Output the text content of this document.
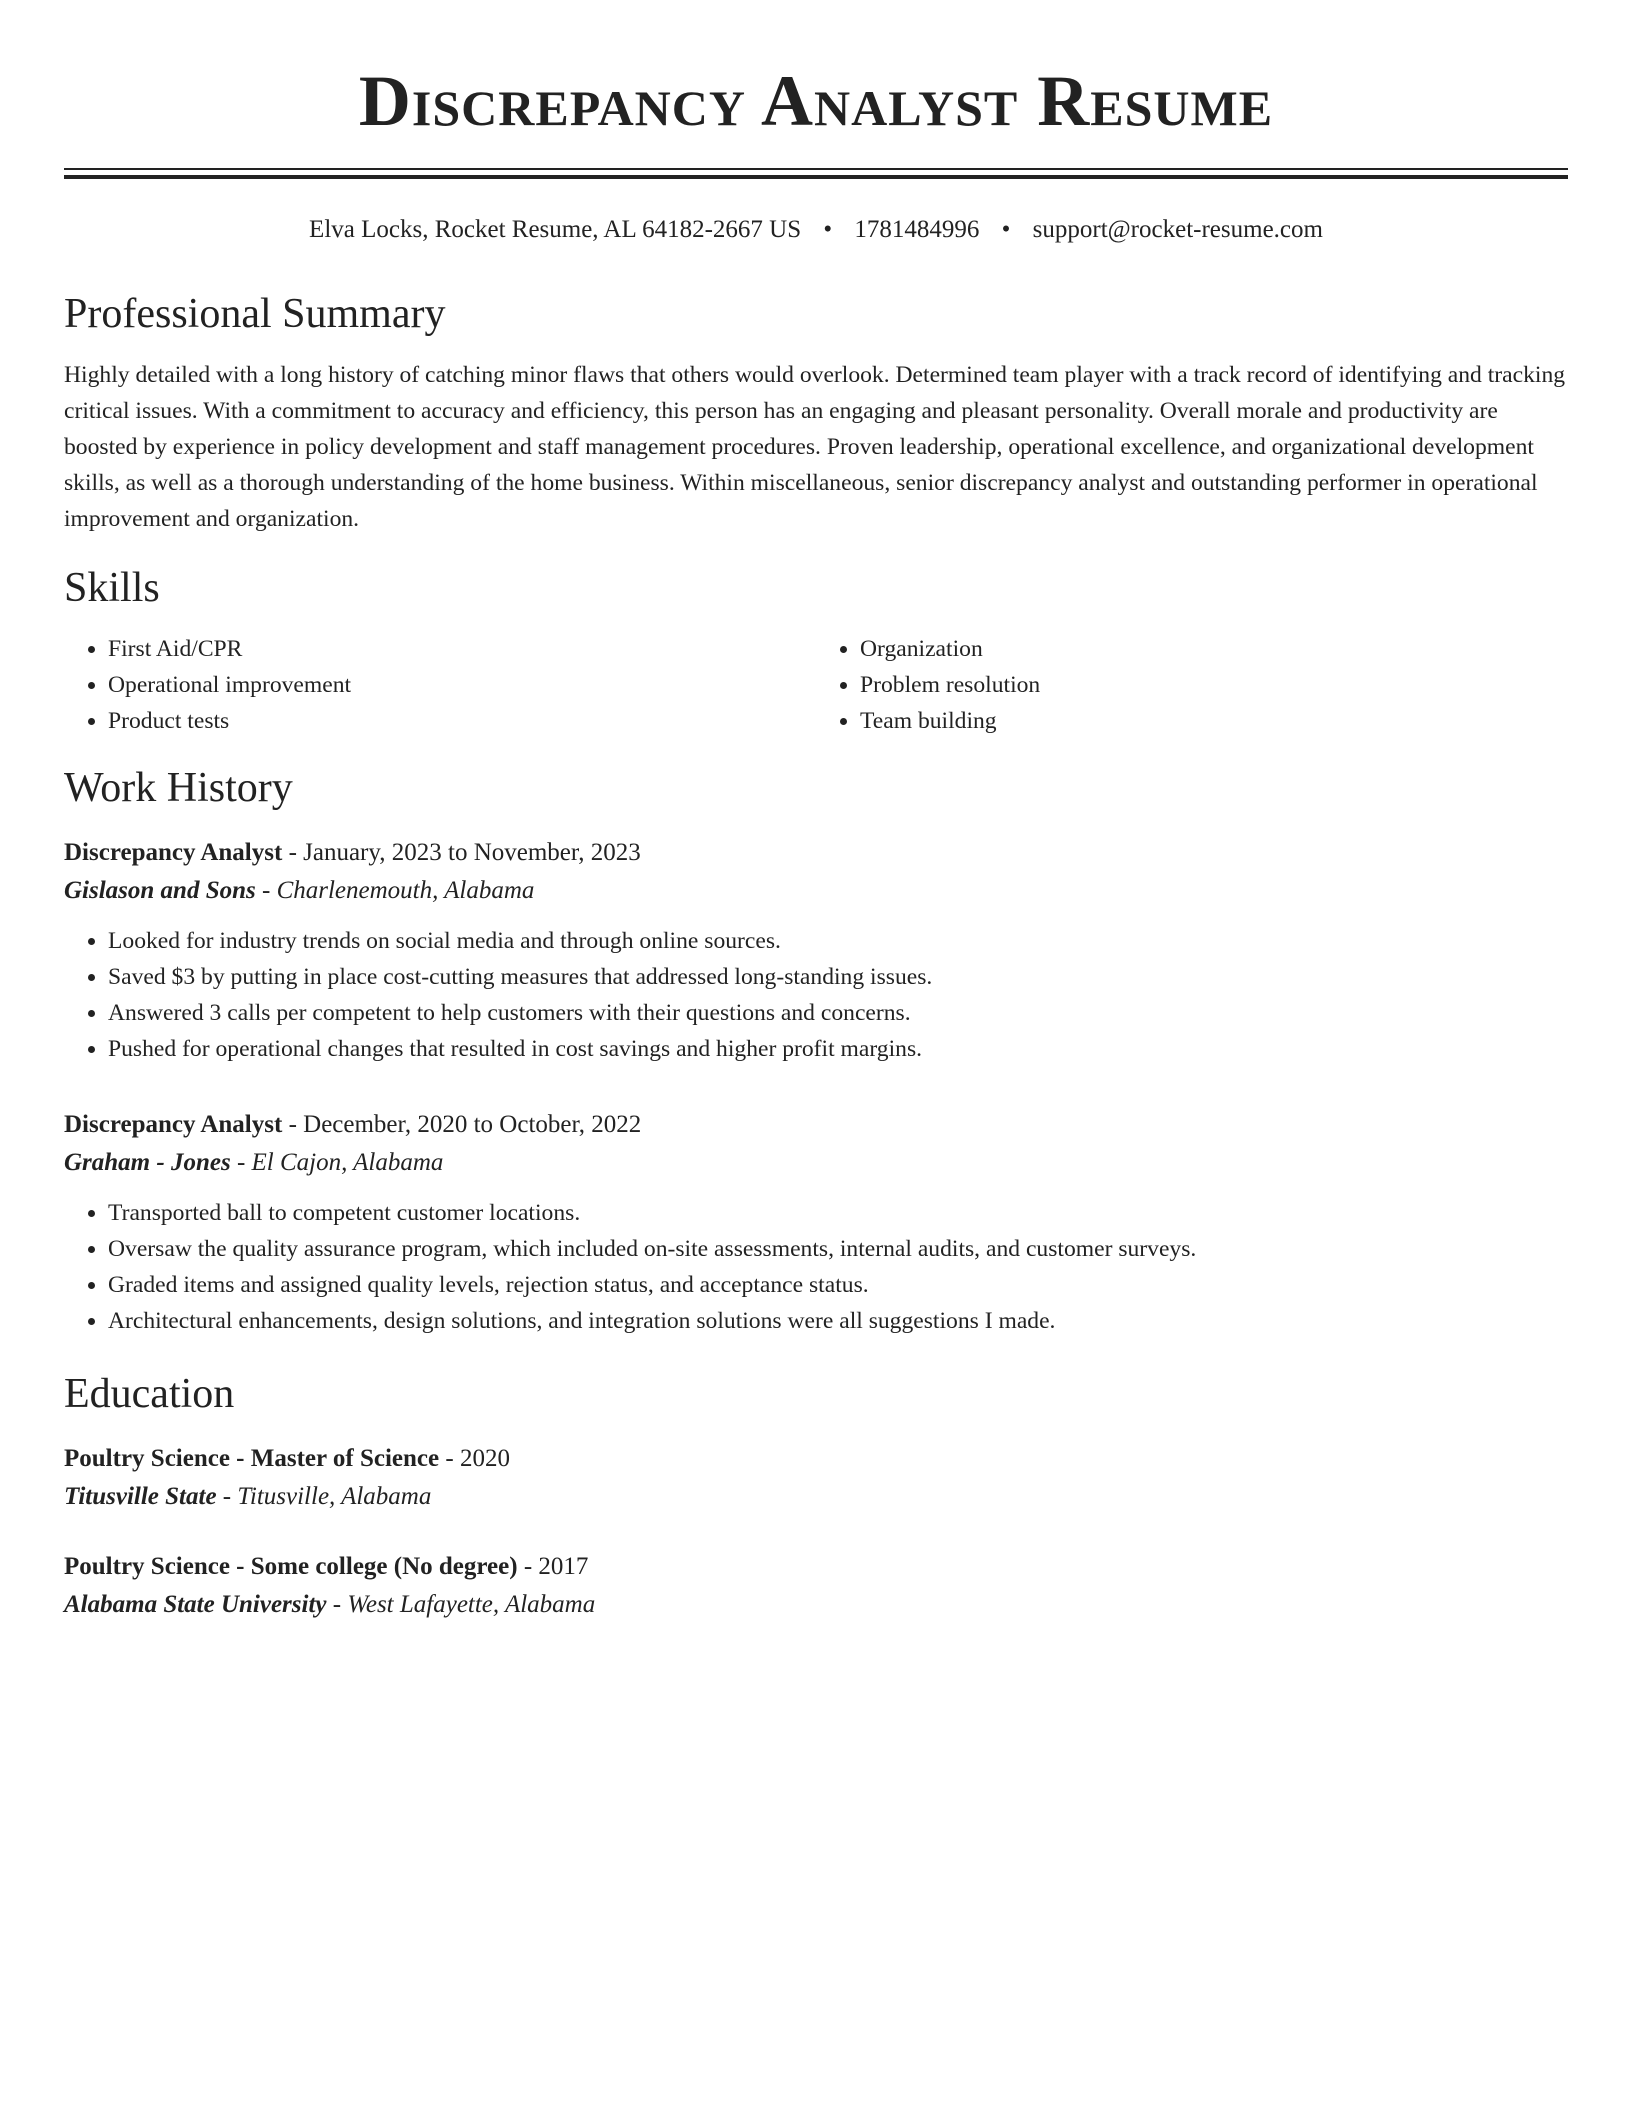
Discrepancy Analyst Resume
Elva Locks, Rocket Resume, AL 64182-2667 US • 1781484996 • support@rocket-resume.com
Professional Summary

Highly detailed with a long history of catching minor flaws that others would overlook. Determined team player with a track record of identifying and tracking critical issues. With a commitment to accuracy and efficiency, this person has an engaging and pleasant personality. Overall morale and productivity are boosted by experience in policy development and staff management procedures. Proven leadership, operational excellence, and organizational development skills, as well as a thorough understanding of the home business. Within miscellaneous, senior discrepancy analyst and outstanding performer in operational improvement and organization.

Skills
• First Aid/CPR
• Operational improvement
• Product tests
• Organization
• Problem resolution
• Team building
Work History
Discrepancy Analyst - January, 2023 to November, 2023
Gislason and Sons - Charlenemouth, Alabama
• Looked for industry trends on social media and through online sources.
• Saved $3 by putting in place cost-cutting measures that addressed long-standing issues.
• Answered 3 calls per competent to help customers with their questions and concerns.
• Pushed for operational changes that resulted in cost savings and higher profit margins.
Discrepancy Analyst - December, 2020 to October, 2022
Graham - Jones - El Cajon, Alabama
• Transported ball to competent customer locations.
• Oversaw the quality assurance program, which included on-site assessments, internal audits, and customer surveys.
• Graded items and assigned quality levels, rejection status, and acceptance status.
• Architectural enhancements, design solutions, and integration solutions were all suggestions I made.
Education
Poultry Science - Master of Science - 2020
Titusville State - Titusville, Alabama
Poultry Science - Some college (No degree) - 2017
Alabama State University - West Lafayette, Alabama
